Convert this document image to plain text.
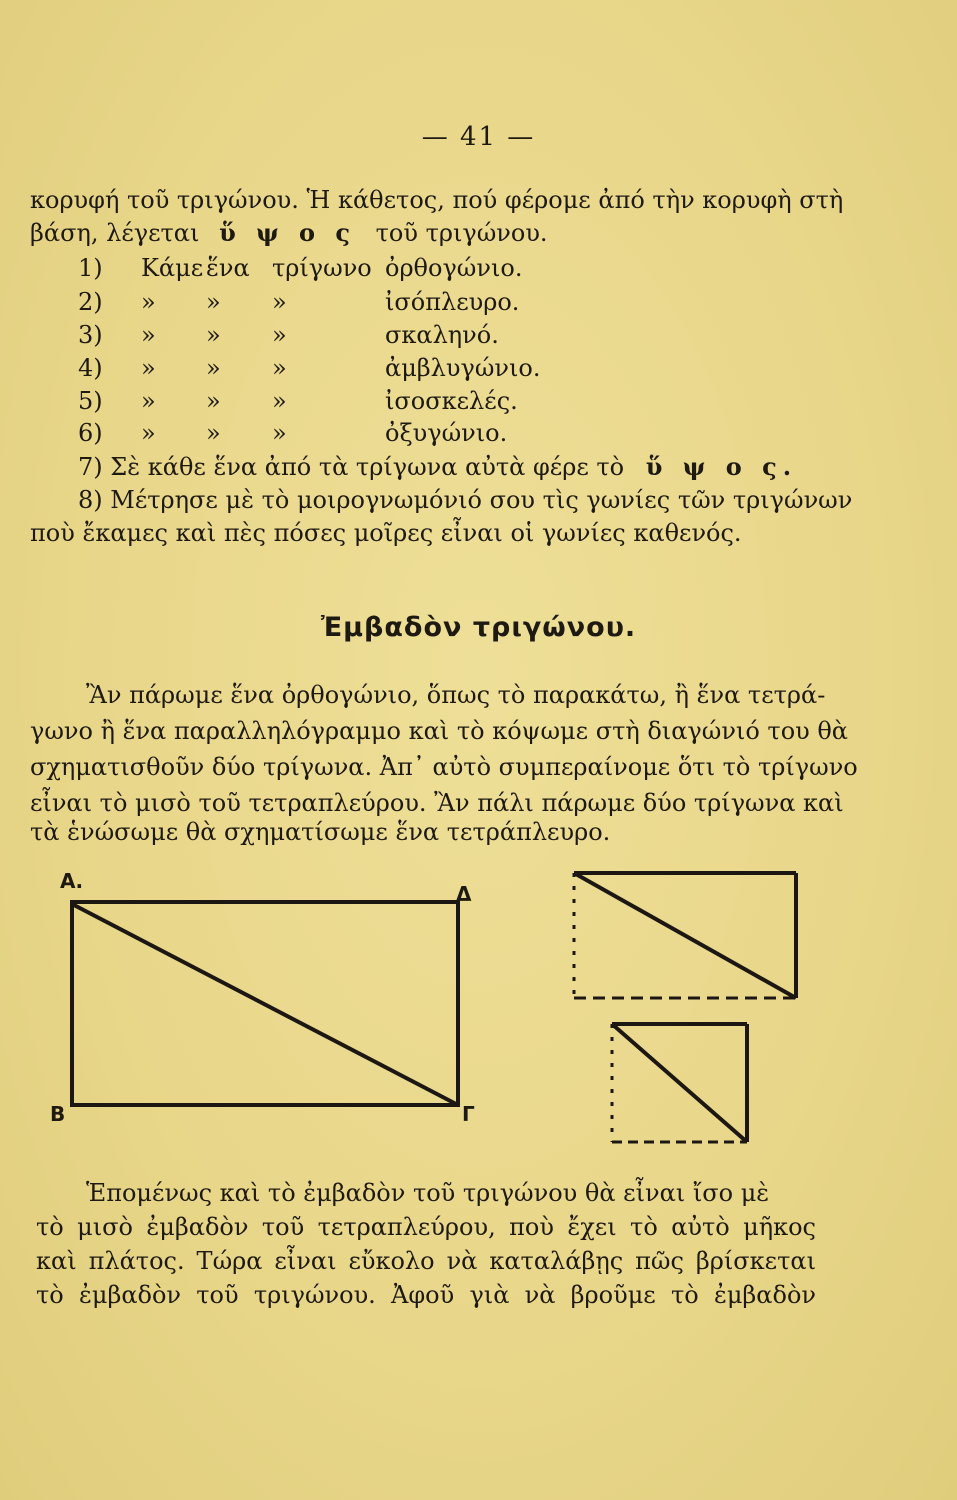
— 41 —
κορυφή τοῦ τριγώνου. Ἡ κάθετος, πού φέρομε ἀπό τὴν κορυφὴ στὴ
βάση, λέγεται ὕ ψ ο ς τοῦ τριγώνου.
1) Κάμε ἕνα τρίγωνο ὀρθογώνιο.
2) » » »	ἰσόπλευρο.
3) » » »	σκαληνό.
4) » » »	ἀμβλυγώνιο.
5) » » »	ἰσοσκελές.
6) » » »	ὀξυγώνιο.
7) Σὲ κάθε ἕνα ἀπό τὰ τρίγωνα αὐτὰ φέρε τὸ ὕ ψ ο ς.
8) Μέτρησε μὲ τὸ μοιρογνωμόνιό σου τὶς γωνίες τῶν τριγώνων
ποὺ ἔκαμες καὶ πὲς πόσες μοῖρες εἶναι οἱ γωνίες καθενός.
Ἐμβαδὸν τριγώνου.
Ἂν πάρωμε ἕνα ὀρθογώνιο, ὅπως τὸ παρακάτω, ἢ ἕνα τετρά-
γωνο ἢ ἕνα παραλληλόγραμμο καὶ τὸ κόψωμε στὴ διαγώνιό του θὰ
σχηματισθοῦν δύο τρίγωνα. Ἀπ᾽ αὐτὸ συμπεραίνομε ὅτι τὸ τρίγωνο
εἶναι τὸ μισὸ τοῦ τετραπλεύρου. Ἂν πάλι πάρωμε δύο τρίγωνα καὶ
τὰ ἑνώσωμε θὰ σχηματίσωμε ἕνα τετράπλευρο.
Α.
Β	Γ
Δ
Ἑπομένως καὶ τὸ ἐμβαδὸν τοῦ τριγώνου θὰ εἶναι ἴσο μὲ
τὸ μισὸ ἐμβαδὸν τοῦ τετραπλεύρου, ποὺ ἔχει τὸ αὐτὸ μῆκος
καὶ πλάτος. Τώρα εἶναι εὔκολο νὰ καταλάβῃς πῶς βρίσκεται
τὸ ἐμβαδὸν τοῦ τριγώνου. Ἀφοῦ γιὰ νὰ βροῦμε τὸ ἐμβαδὸν
